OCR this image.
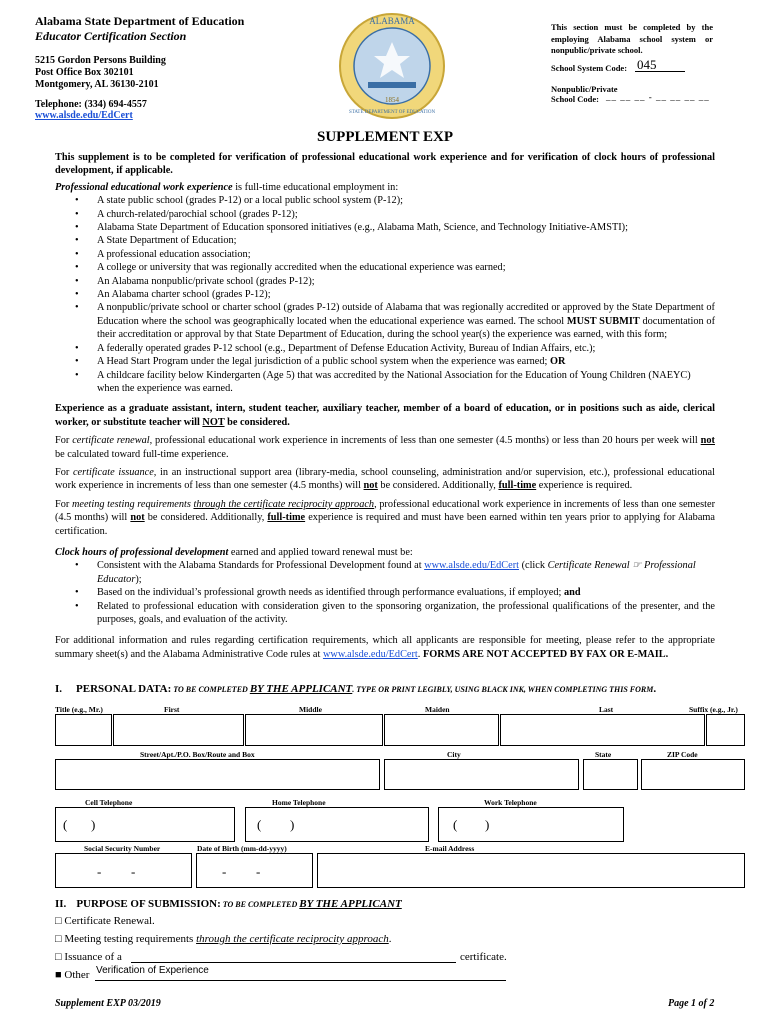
Alabama State Department of Education
Educator Certification Section
5215 Gordon Persons Building
Post Office Box 302101
Montgomery, AL 36130-2101
Telephone: (334) 694-4557
www.alsde.edu/EdCert
ALABAMA
1854
STATE DEPARTMENT OF EDUCATION
This section must be completed by the employing Alabama school system or nonpublic/private school.
School System Code: 045
Nonpublic/Private
School Code: __ __ __ - __ __ __ __
SUPPLEMENT EXP

This supplement is to be completed for verification of professional educational work experience and for verification of clock hours of professional development, if applicable.

Professional educational work experience is full-time educational employment in:

• A state public school (grades P-12) or a local public school system (P-12);
• A church-related/parochial school (grades P-12);
• Alabama State Department of Education sponsored initiatives (e.g., Alabama Math, Science, and Technology Initiative-AMSTI);
• A State Department of Education;
• A professional education association;
• A college or university that was regionally accredited when the educational experience was earned;
• An Alabama nonpublic/private school (grades P-12);
• An Alabama charter school (grades P-12);
• A nonpublic/private school or charter school (grades P-12) outside of Alabama that was regionally accredited or approved by the State Department of Education where the school was geographically located when the educational experience was earned. The school MUST SUBMIT documentation of their accreditation or approval by that State Department of Education, during the school year(s) the experience was earned, with this form;
• A federally operated grades P-12 school (e.g., Department of Defense Education Activity, Bureau of Indian Affairs, etc.);
• A Head Start Program under the legal jurisdiction of a public school system when the experience was earned; OR
• A childcare facility below Kindergarten (Age 5) that was accredited by the National Association for the Education of Young Children (NAEYC) when the experience was earned.

Experience as a graduate assistant, intern, student teacher, auxiliary teacher, member of a board of education, or in positions such as aide, clerical worker, or substitute teacher will NOT be considered.

For certificate renewal, professional educational work experience in increments of less than one semester (4.5 months) or less than 20 hours per week will not be calculated toward full-time experience.

For certificate issuance, in an instructional support area (library-media, school counseling, administration and/or supervision, etc.), professional educational work experience in increments of less than one semester (4.5 months) will not be considered. Additionally, full-time experience is required.

For meeting testing requirements through the certificate reciprocity approach, professional educational work experience in increments of less than one semester (4.5 months) will not be considered. Additionally, full-time experience is required and must have been earned within ten years prior to applying for Alabama certification.

Clock hours of professional development earned and applied toward renewal must be:

• Consistent with the Alabama Standards for Professional Development found at www.alsde.edu/EdCert (click Certificate Renewal ☞ Professional Educator);
• Based on the individual’s professional growth needs as identified through performance evaluations, if employed; and
• Related to professional education with consideration given to the sponsoring organization, the professional qualifications of the presenter, and the purposes, goals, and evaluation of the activity.

For additional information and rules regarding certification requirements, which all applicants are responsible for meeting, please refer to the appropriate summary sheet(s) and the Alabama Administrative Code rules at www.alsde.edu/EdCert. FORMS ARE NOT ACCEPTED BY FAX OR E-MAIL.

I. PERSONAL DATA: TO BE COMPLETED BY THE APPLICANT. TYPE OR PRINT LEGIBLY, USING BLACK INK, WHEN COMPLETING THIS FORM.
Title (e.g., Mr.)	First	Middle	Maiden	Last	Suffix (e.g., Jr.)
Street/Apt./P.O. Box/Route and Box	City	State	ZIP Code
Cell Telephone	Home Telephone	Work Telephone
( )	( )	( )
Social Security Number	Date of Birth (mm-dd-yyyy)	E-mail Address
- -	- -
II. PURPOSE OF SUBMISSION: TO BE COMPLETED BY THE APPLICANT
□ Certificate Renewal.
□ Meeting testing requirements through the certificate reciprocity approach.
□ Issuance of a	certificate.
■ Other Verification of Experience
Supplement EXP 03/2019	Page 1 of 2
